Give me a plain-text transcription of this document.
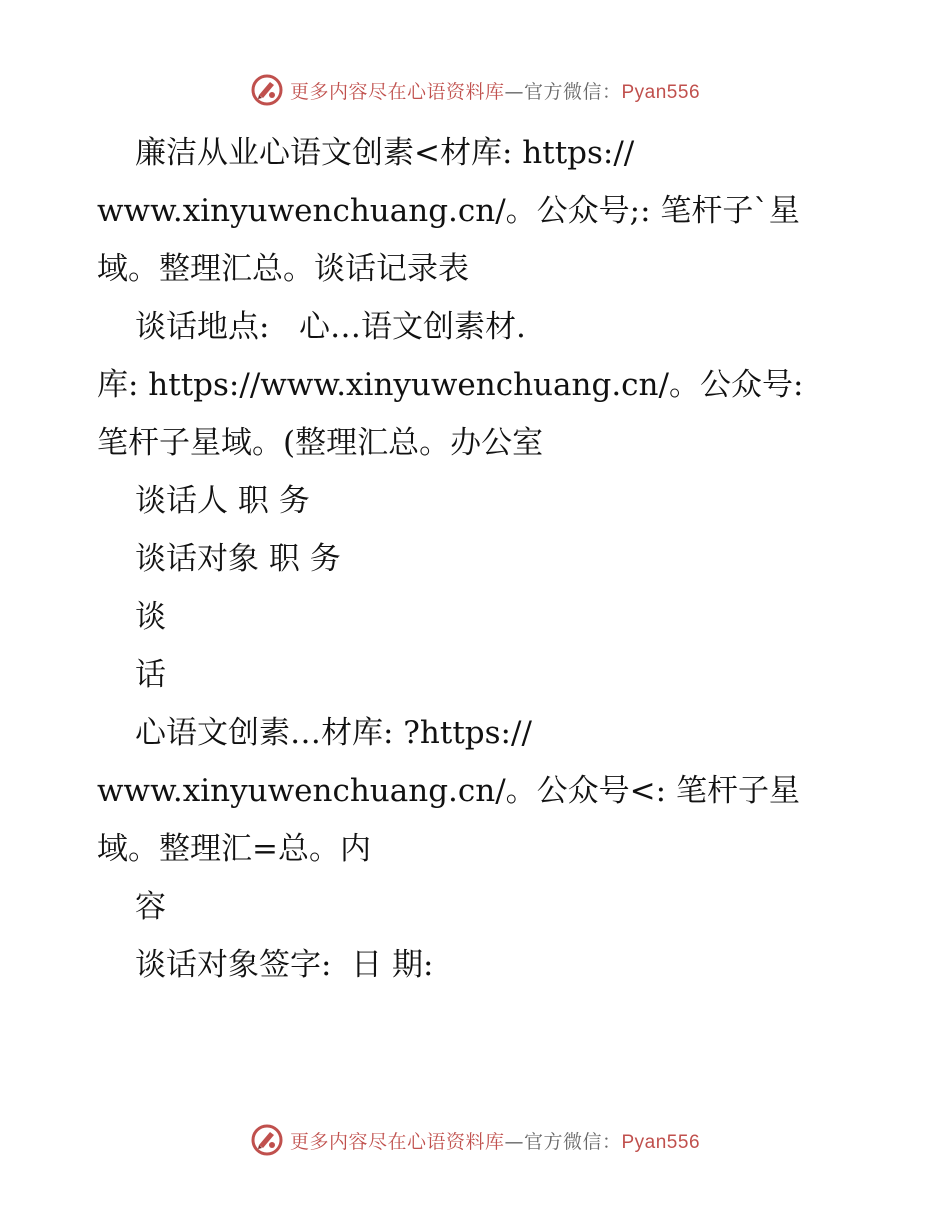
更多内容尽在心语资料库—官方微信：Pyan556
廉洁从业心语文创素<材库: https://
www.xinyuwenchuang.cn/。公众号;: 笔杆子`星
域。整理汇总。谈话记录表
谈话地点:   心…语文创素材.
库: https://www.xinyuwenchuang.cn/。公众号:
笔杆子星域。(整理汇总。办公室
谈话人 职 务
谈话对象 职 务
谈
话
心语文创素…材库: ?https://
www.xinyuwenchuang.cn/。公众号<: 笔杆子星
域。整理汇=总。内
容
谈话对象签字:  日 期:
更多内容尽在心语资料库—官方微信：Pyan556
